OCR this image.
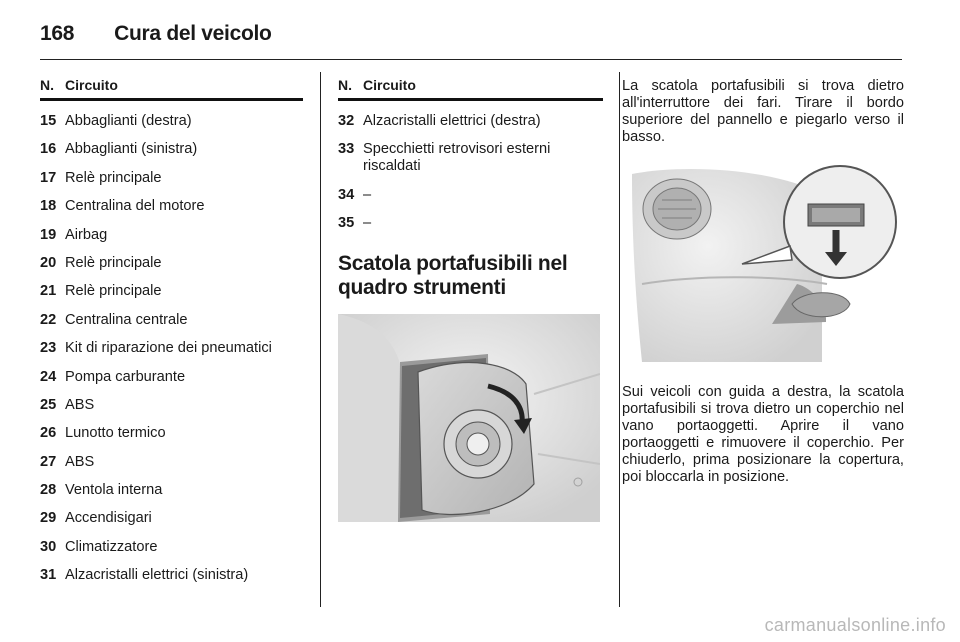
168 Cura del veicolo
N. Circuito
15 Abbaglianti (destra)
16 Abbaglianti (sinistra)
17 Relè principale
18 Centralina del motore
19 Airbag
20 Relè principale
21 Relè principale
22 Centralina centrale
23 Kit di riparazione dei pneumatici
24 Pompa carburante
25 ABS
26 Lunotto termico
27 ABS
28 Ventola interna
29 Accendisigari
30 Climatizzatore
31 Alzacristalli elettrici (sinistra)
N. Circuito
32 Alzacristalli elettrici (destra)
33 Specchietti retrovisori esterni riscaldati
34 –
35 –
Scatola portafusibili nel quadro strumenti

La scatola portafusibili si trova dietro all'interruttore dei fari. Tirare il bordo superiore del pannello e piegarlo verso il basso.

Sui veicoli con guida a destra, la scatola portafusibili si trova dietro un coperchio nel vano portaoggetti. Aprire il vano portaoggetti e rimuovere il coperchio. Per chiuderlo, prima posizionare la copertura, poi bloccarla in posizione.

carmanualsonline.info
